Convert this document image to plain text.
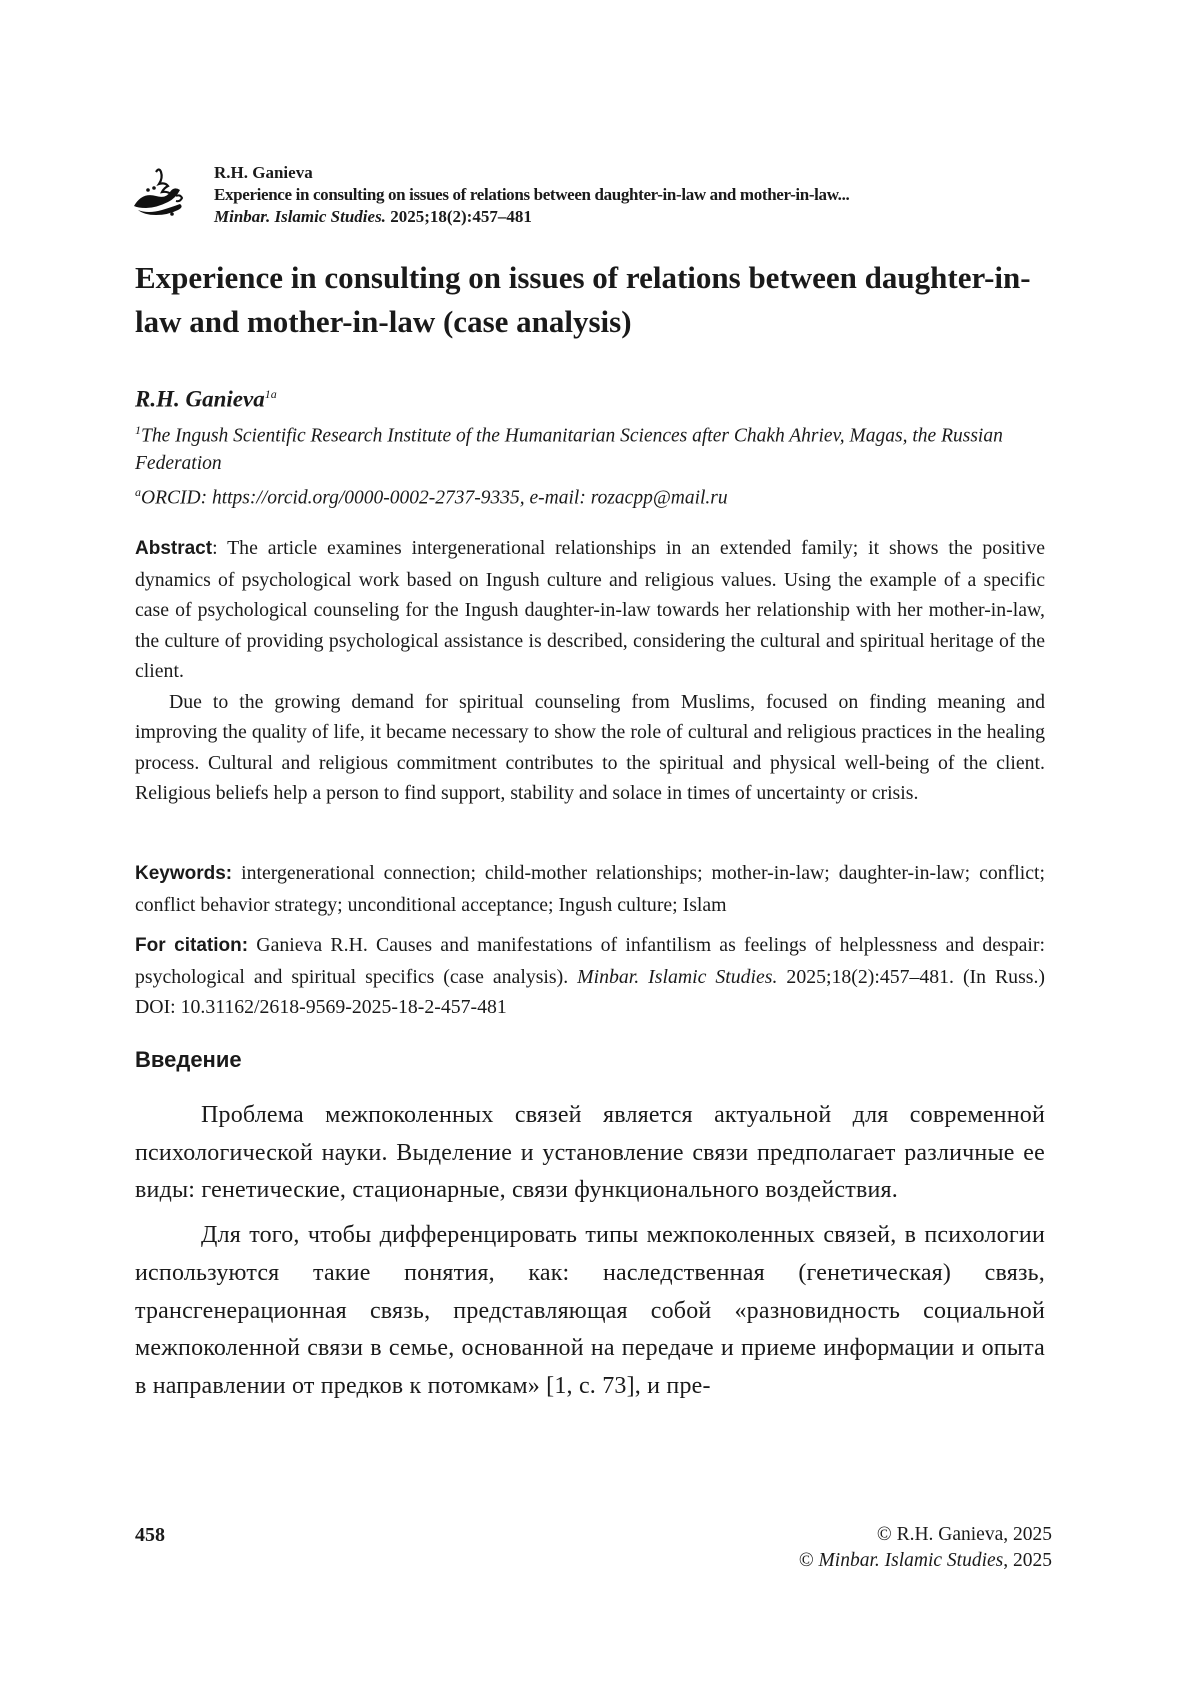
R.H. Ganieva
Experience in consulting on issues of relations between daughter-in-law and mother-in-law...
Minbar. Islamic Studies. 2025;18(2):457–481
Experience in consulting on issues of relations between daughter-in-law and mother-in-law (case analysis)
R.H. Ganieva$^{1a}$
$^1$The Ingush Scientific Research Institute of the Humanitarian Sciences after Chakh Ahriev, Magas, the Russian Federation
$^a$ORCID: https://orcid.org/0000-0002-2737-9335, e-mail: rozacpp@mail.ru

Abstract: The article examines intergenerational relationships in an extended family; it shows the positive dynamics of psychological work based on Ingush culture and religious values. Using the example of a specific case of psychological counseling for the Ingush daughter-in-law towards her relationship with her mother-in-law, the culture of providing psychological assistance is described, considering the cultural and spiritual heritage of the client.

Due to the growing demand for spiritual counseling from Muslims, focused on finding meaning and improving the quality of life, it became necessary to show the role of cultural and religious practices in the healing process. Cultural and religious commitment contributes to the spiritual and physical well-being of the client. Religious beliefs help a person to find support, stability and solace in times of uncertainty or crisis.

Keywords: intergenerational connection; child-mother relationships; mother-in-law; daughter-in-law; conflict; conflict behavior strategy; unconditional acceptance; Ingush culture; Islam

For citation: Ganieva R.H. Causes and manifestations of infantilism as feelings of helplessness and despair: psychological and spiritual specifics (case analysis). Minbar. Islamic Studies. 2025;18(2):457–481. (In Russ.) DOI: 10.31162/2618-9569-2025-18-2-457-481

Введение

Проблема межпоколенных связей является актуальной для современной психологической науки. Выделение и установление связи предполагает различные ее виды: генетические, стационарные, связи функционального воздействия.

Для того, чтобы дифференцировать типы межпоколенных связей, в психологии используются такие понятия, как: наследственная (генетическая) связь, трансгенерационная связь, представляющая собой «разновидность социальной межпоколенной связи в семье, основанной на передаче и приеме информации и опыта в направлении от предков к потомкам» [1, с. 73], и пре-

458	© R.H. Ganieva, 2025
© Minbar. Islamic Studies, 2025
